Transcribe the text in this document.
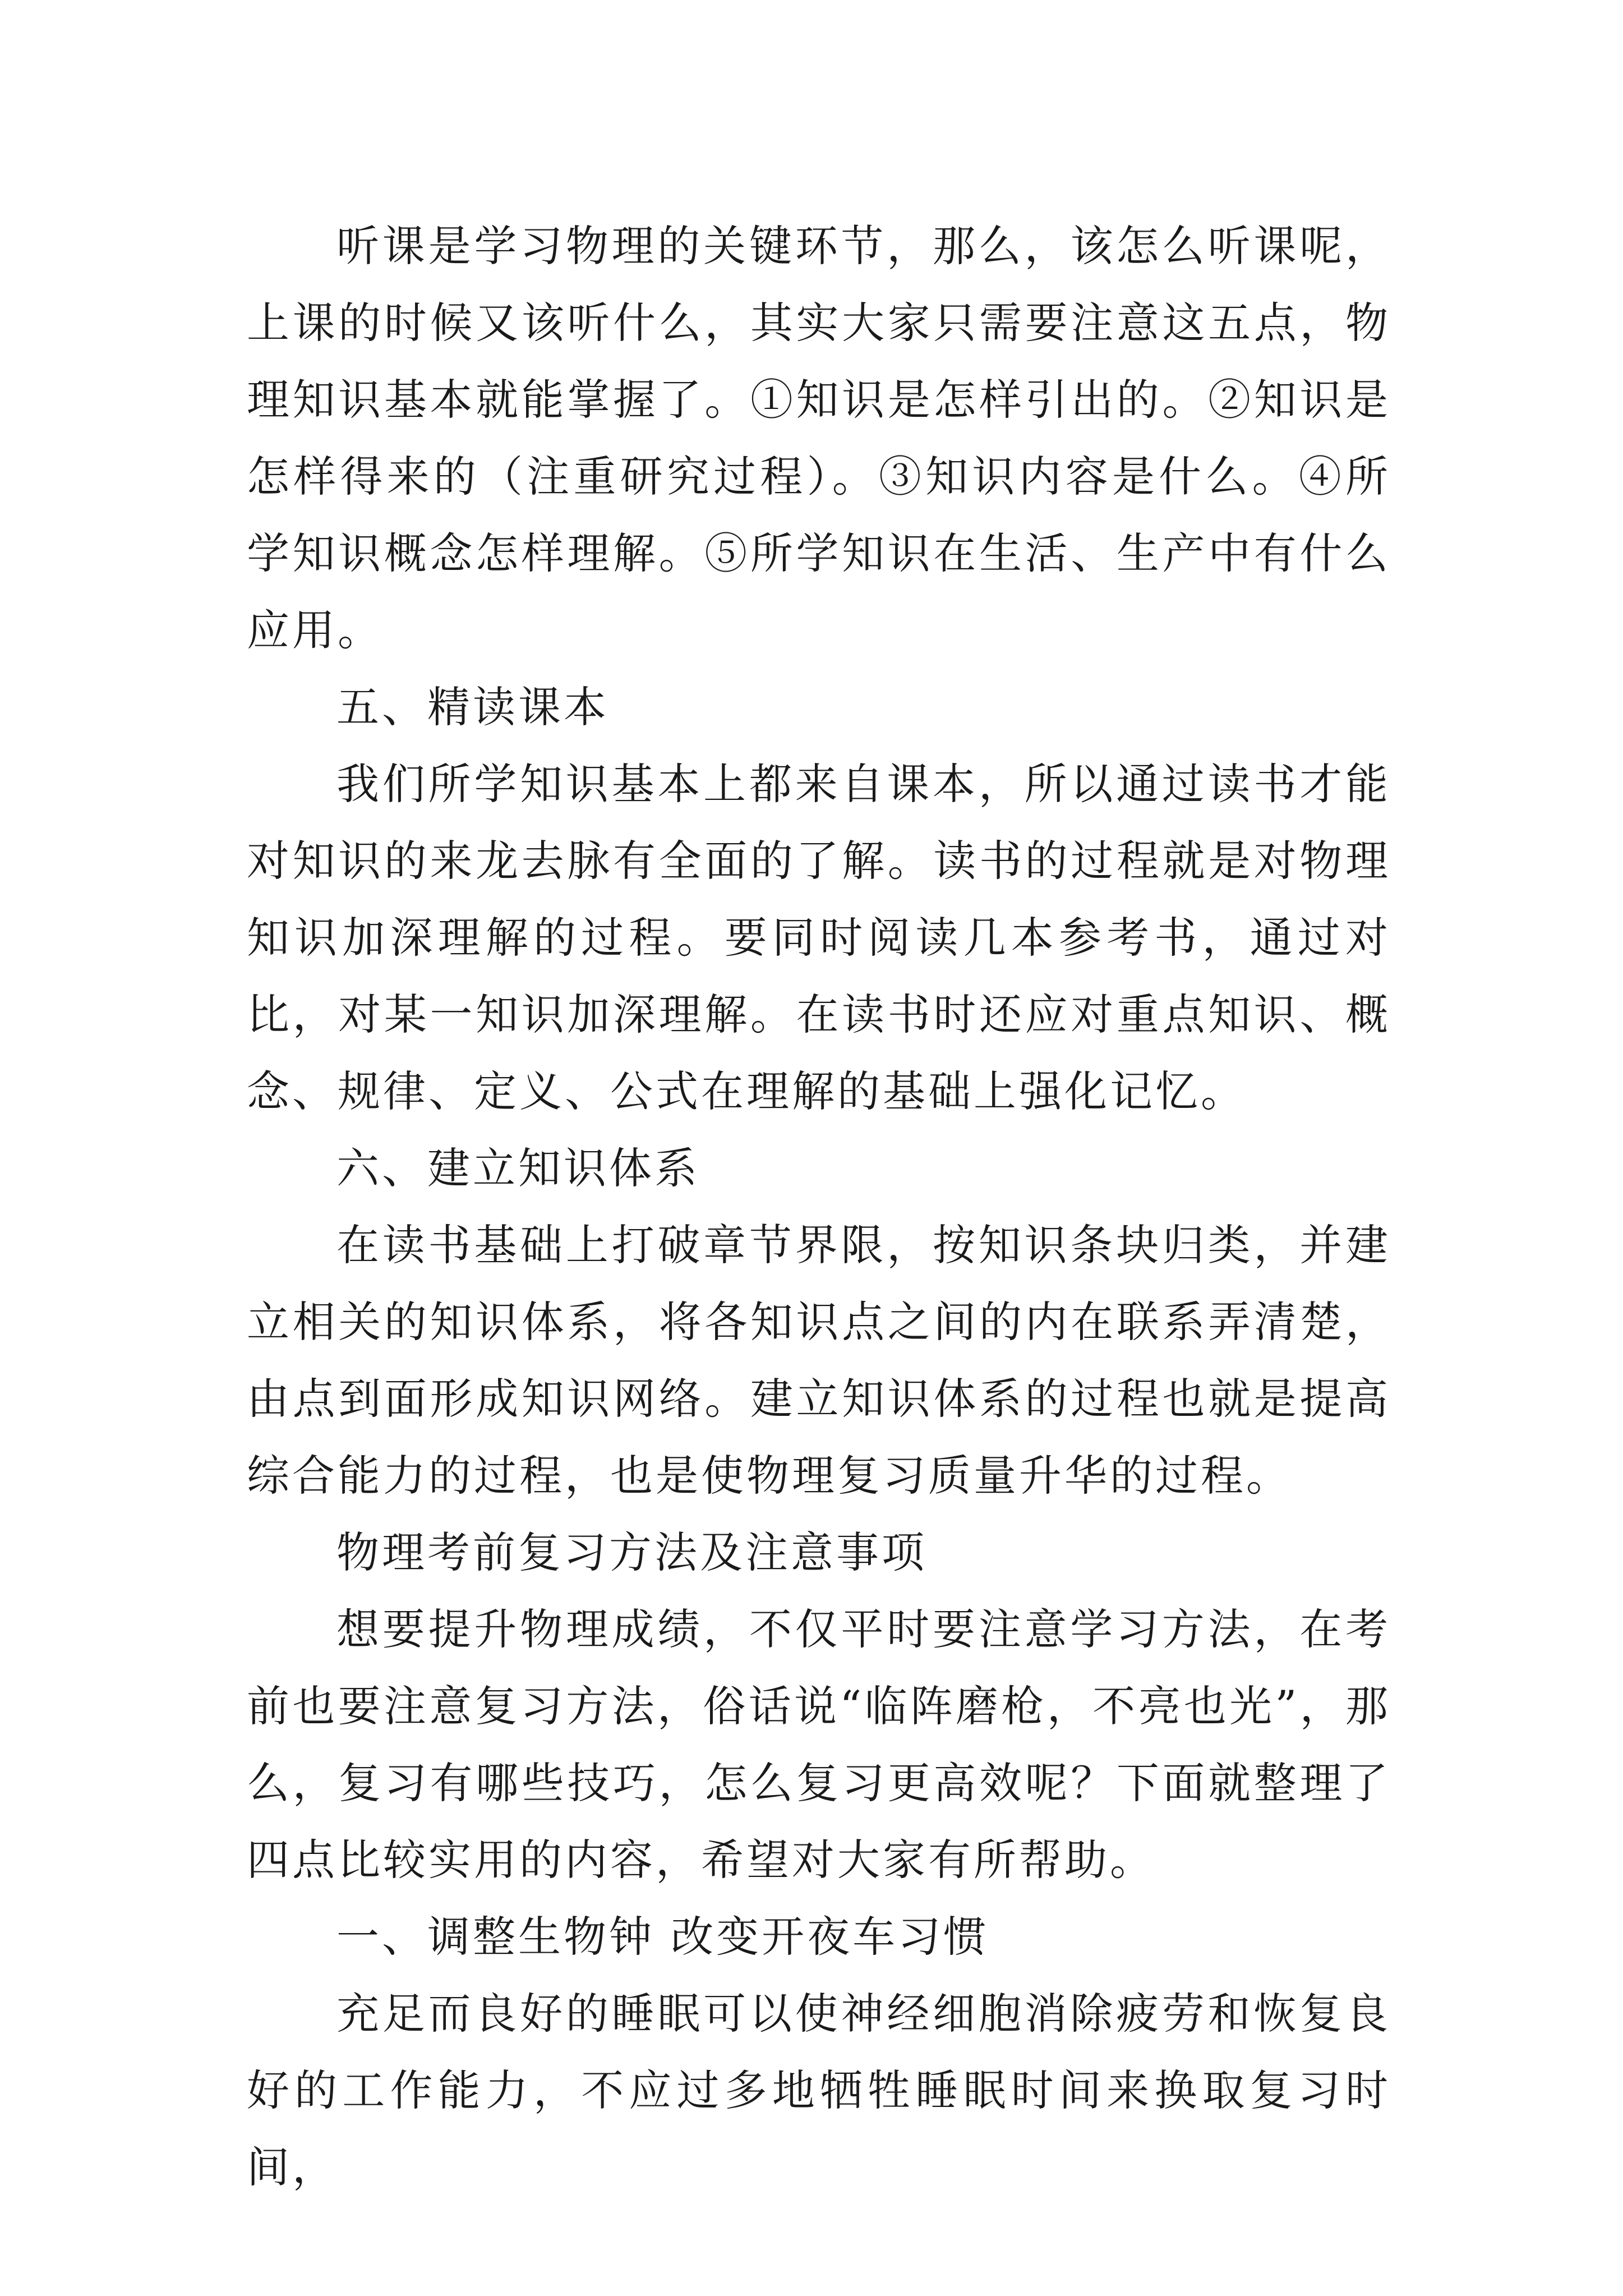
听课是学习物理的关键环节，那么，该怎么听课呢，上课的时候又该听什么，其实大家只需要注意这五点，物理知识基本就能掌握了。①知识是怎样引出的。②知识是怎样得来的（注重研究过程）。③知识内容是什么。④所学知识概念怎样理解。⑤所学知识在生活、生产中有什么应用。

五、精读课本

我们所学知识基本上都来自课本，所以通过读书才能对知识的来龙去脉有全面的了解。读书的过程就是对物理知识加深理解的过程。要同时阅读几本参考书，通过对比，对某一知识加深理解。在读书时还应对重点知识、概念、规律、定义、公式在理解的基础上强化记忆。

六、建立知识体系

在读书基础上打破章节界限，按知识条块归类，并建立相关的知识体系，将各知识点之间的内在联系弄清楚，由点到面形成知识网络。建立知识体系的过程也就是提高综合能力的过程，也是使物理复习质量升华的过程。

物理考前复习方法及注意事项

想要提升物理成绩，不仅平时要注意学习方法，在考前也要注意复习方法，俗话说“临阵磨枪，不亮也光”，那么，复习有哪些技巧，怎么复习更高效呢？下面就整理了四点比较实用的内容，希望对大家有所帮助。

一、调整生物钟 改变开夜车习惯

充足而良好的睡眠可以使神经细胞消除疲劳和恢复良好的工作能力，不应过多地牺牲睡眠时间来换取复习时间，
